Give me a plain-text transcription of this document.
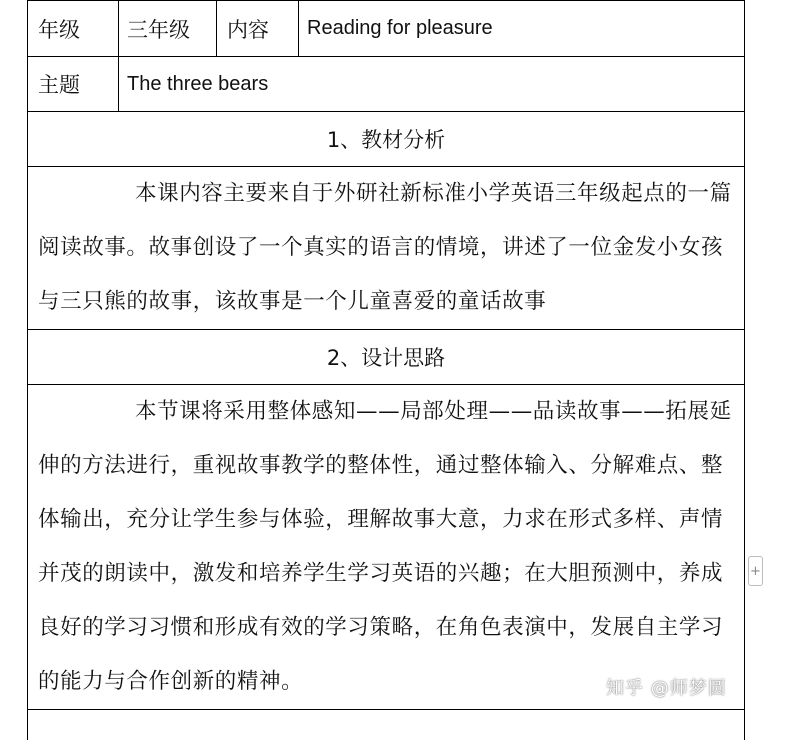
年级 三年级 内容 Reading for pleasure
主题 The three bears
1、教材分析
本课内容主要来自于外研社新标准小学英语三年级起点的一篇阅读故事。故事创设了一个真实的语言的情境，讲述了一位金发小女孩与三只熊的故事，该故事是一个儿童喜爱的童话故事
2、设计思路
本节课将采用整体感知——局部处理——品读故事——拓展延伸的方法进行，重视故事教学的整体性，通过整体输入、分解难点、整体输出，充分让学生参与体验，理解故事大意，力求在形式多样、声情并茂的朗读中，激发和培养学生学习英语的兴趣；在大胆预测中，养成良好的学习习惯和形成有效的学习策略，在角色表演中，发展自主学习的能力与合作创新的精神。
+
知乎 @师梦圆
